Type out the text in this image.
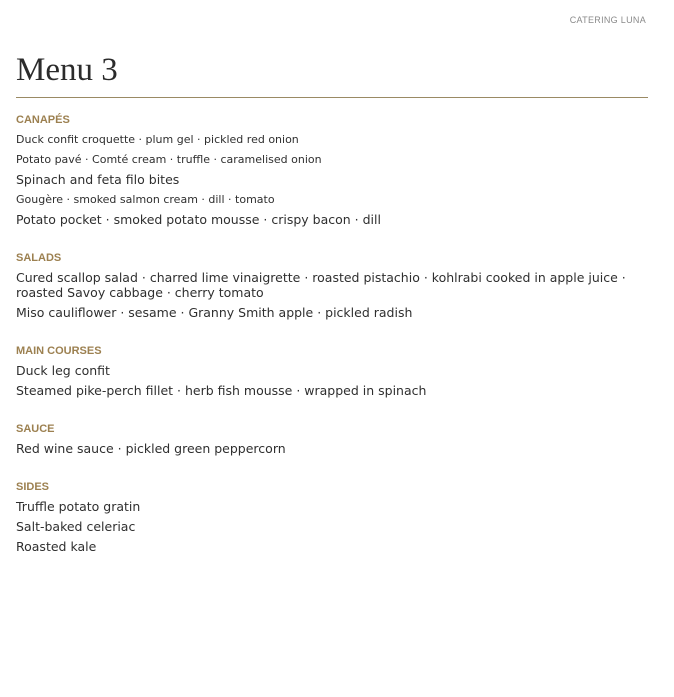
CATERING LUNA
Menu 3
CANAPÉS
Duck confit croquette · plum gel · pickled red onion
Potato pavé · Comté cream · truffle · caramelised onion
Spinach and feta filo bites
Gougère · smoked salmon cream · dill · tomato
Potato pocket · smoked potato mousse · crispy bacon · dill
SALADS
Cured scallop salad · charred lime vinaigrette · roasted pistachio · kohlrabi cooked in apple juice · roasted Savoy cabbage · cherry tomato
Miso cauliflower · sesame · Granny Smith apple · pickled radish
MAIN COURSES
Duck leg confit
Steamed pike-perch fillet · herb fish mousse · wrapped in spinach
SAUCE
Red wine sauce · pickled green peppercorn
SIDES
Truffle potato gratin
Salt-baked celeriac
Roasted kale
